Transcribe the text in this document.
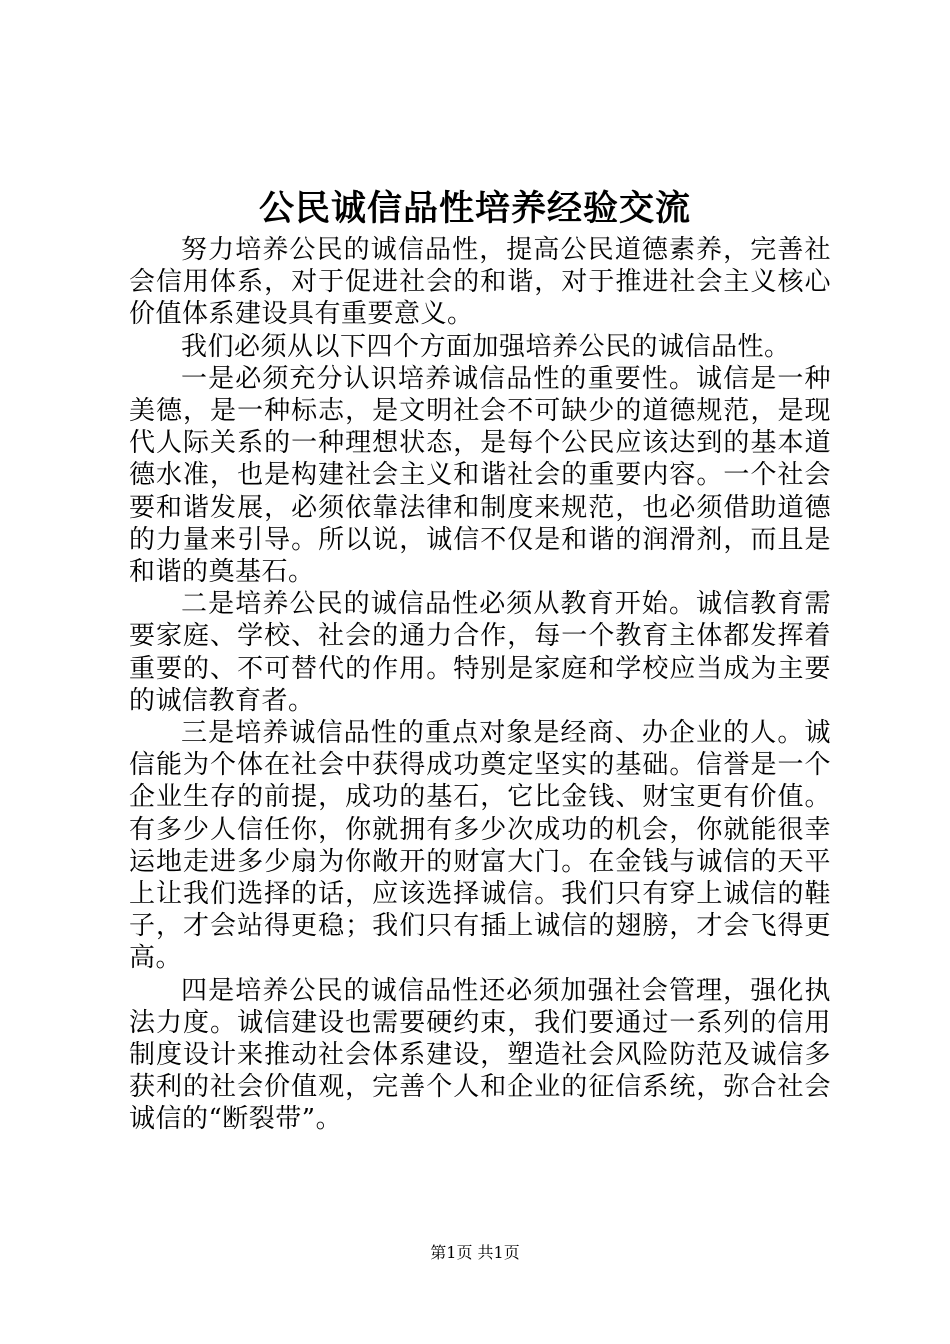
公民诚信品性培养经验交流

努力培养公民的诚信品性，提高公民道德素养，完善社会信用体系，对于促进社会的和谐，对于推进社会主义核心价值体系建设具有重要意义。

我们必须从以下四个方面加强培养公民的诚信品性。

一是必须充分认识培养诚信品性的重要性。诚信是一种美德，是一种标志，是文明社会不可缺少的道德规范，是现代人际关系的一种理想状态，是每个公民应该达到的基本道德水准，也是构建社会主义和谐社会的重要内容。一个社会要和谐发展，必须依靠法律和制度来规范，也必须借助道德的力量来引导。所以说，诚信不仅是和谐的润滑剂，而且是和谐的奠基石。

二是培养公民的诚信品性必须从教育开始。诚信教育需要家庭、学校、社会的通力合作，每一个教育主体都发挥着重要的、不可替代的作用。特别是家庭和学校应当成为主要的诚信教育者。

三是培养诚信品性的重点对象是经商、办企业的人。诚信能为个体在社会中获得成功奠定坚实的基础。信誉是一个企业生存的前提，成功的基石，它比金钱、财宝更有价值。有多少人信任你，你就拥有多少次成功的机会，你就能很幸运地走进多少扇为你敞开的财富大门。在金钱与诚信的天平上让我们选择的话，应该选择诚信。我们只有穿上诚信的鞋子，才会站得更稳；我们只有插上诚信的翅膀，才会飞得更高。

四是培养公民的诚信品性还必须加强社会管理，强化执法力度。诚信建设也需要硬约束，我们要通过一系列的信用制度设计来推动社会体系建设，塑造社会风险防范及诚信多获利的社会价值观，完善个人和企业的征信系统，弥合社会诚信的“断裂带”。

第1页 共1页
